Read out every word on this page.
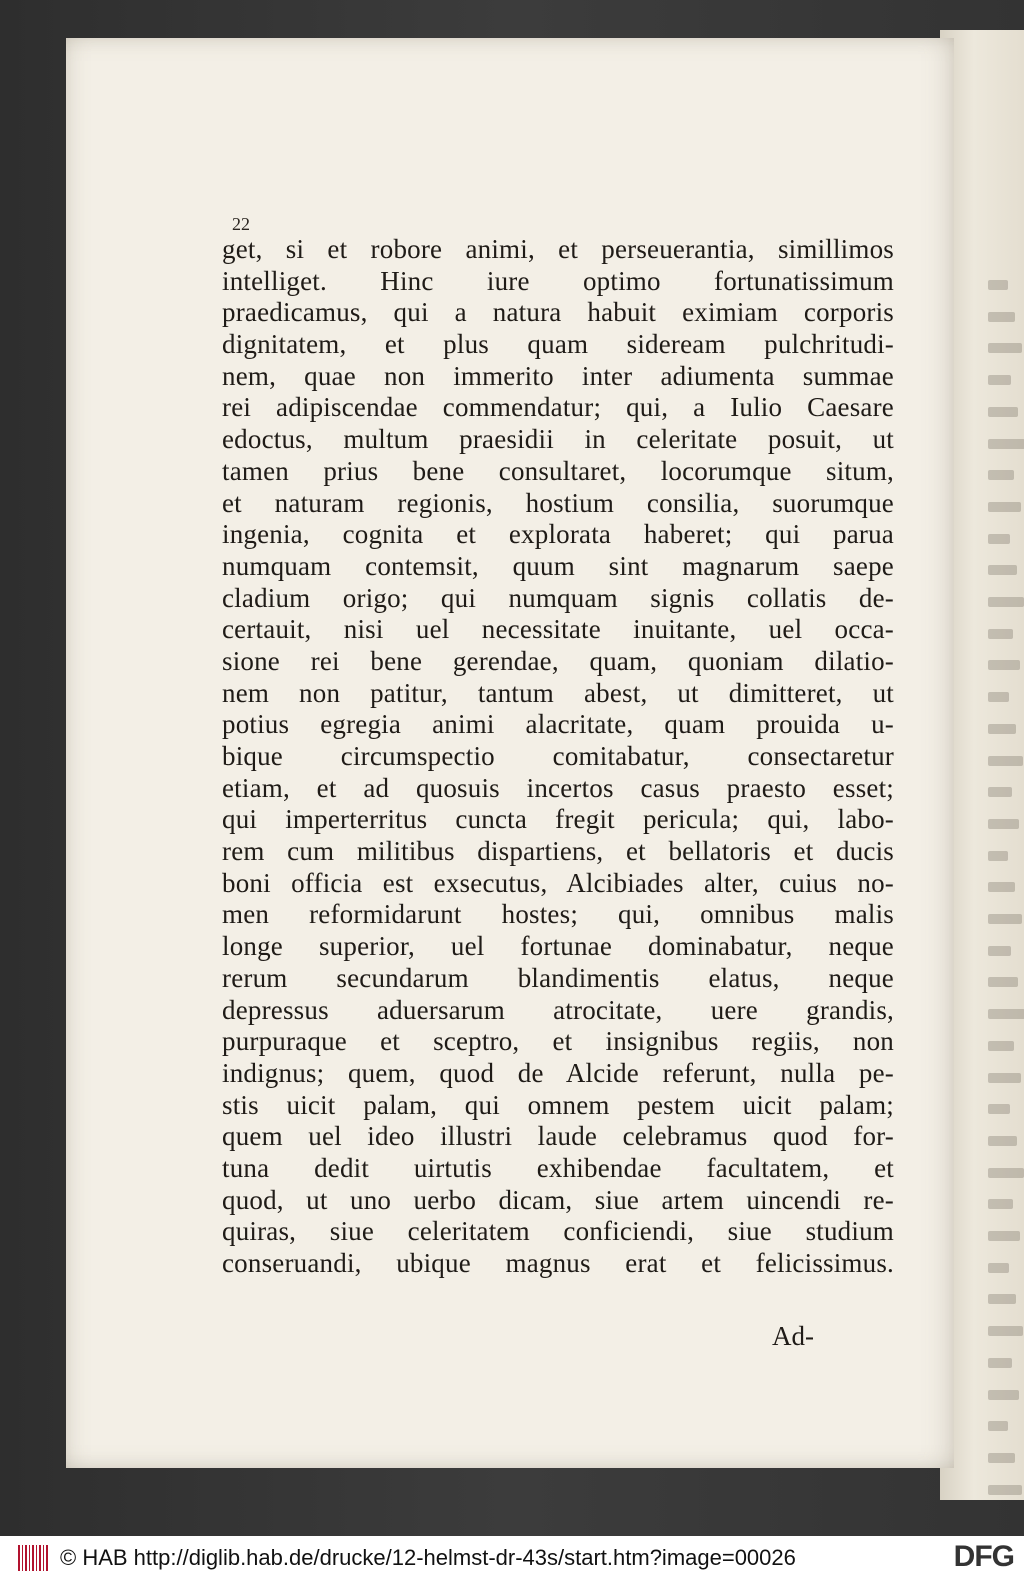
22

get, si et robore animi, et perseuerantia, simillimos
intelliget. Hinc iure optimo fortunatissimum
praedicamus, qui a natura habuit eximiam corporis
dignitatem, et plus quam sideream pulchritudi-
nem, quae non immerito inter adiumenta summae
rei adipiscendae commendatur; qui, a Iulio Caesare
edoctus, multum praesidii in celeritate posuit, ut
tamen prius bene consultaret, locorumque situm,
et naturam regionis, hostium consilia, suorumque
ingenia, cognita et explorata haberet; qui parua
numquam contemsit, quum sint magnarum saepe
cladium origo; qui numquam signis collatis de-
certauit, nisi uel necessitate inuitante, uel occa-
sione rei bene gerendae, quam, quoniam dilatio-
nem non patitur, tantum abest, ut dimitteret, ut
potius egregia animi alacritate, quam prouida u-
bique circumspectio comitabatur, consectaretur
etiam, et ad quosuis incertos casus praesto esset;
qui imperterritus cuncta fregit pericula; qui, labo-
rem cum militibus dispartiens, et bellatoris et ducis
boni officia est exsecutus, Alcibiades alter, cuius no-
men reformidarunt hostes; qui, omnibus malis
longe superior, uel fortunae dominabatur, neque
rerum secundarum blandimentis elatus, neque
depressus aduersarum atrocitate, uere grandis,
purpuraque et sceptro, et insignibus regiis, non
indignus; quem, quod de Alcide referunt, nulla pe-
stis uicit palam, qui omnem pestem uicit palam;
quem uel ideo illustri laude celebramus quod for-
tuna dedit uirtutis exhibendae facultatem, et
quod, ut uno uerbo dicam, siue artem uincendi re-
quiras, siue celeritatem conficiendi, siue studium
conseruandi, ubique magnus erat et felicissimus.
Ad-
© HAB http://diglib.hab.de/drucke/12-helmst-dr-43s/start.htm?image=00026	DFG
